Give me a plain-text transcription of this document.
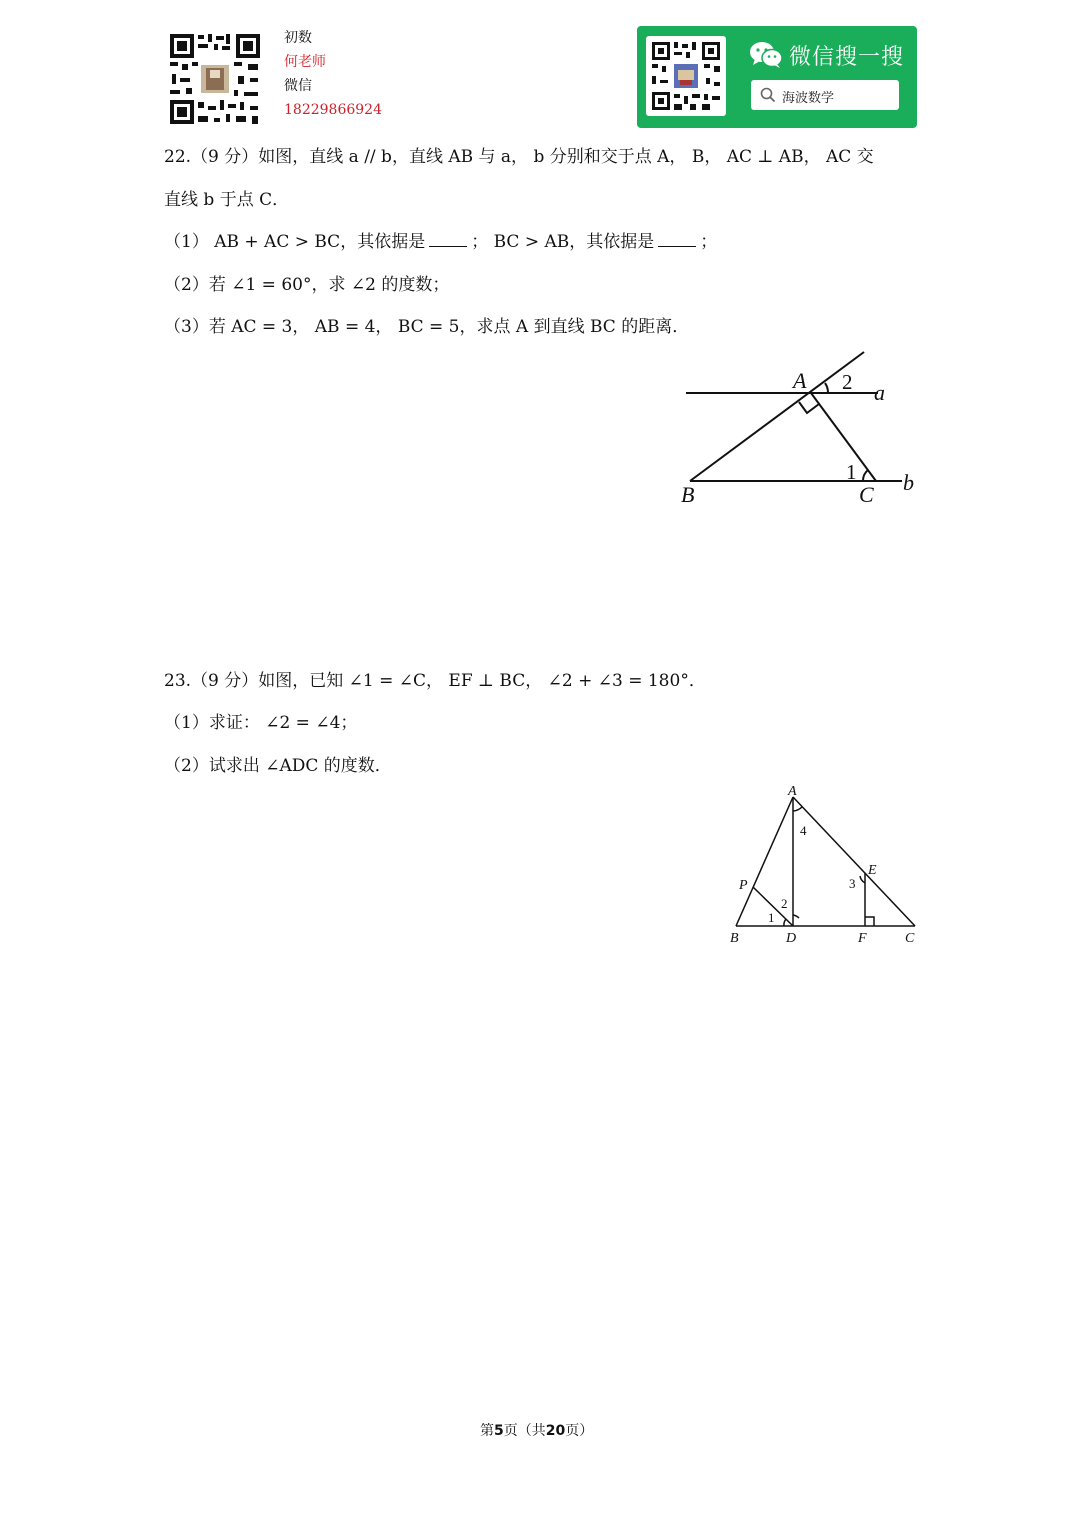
初数
何老师
微信
18229866924
微信搜一搜
海波数学
22.（9 分）如图，直线 a // b，直线 AB 与 a， b 分别和交于点 A， B， AC ⊥ AB， AC 交
直线 b 于点 C．
（1） AB + AC > BC，其依据是	； BC > AB，其依据是	；
（2）若 ∠1 = 60°，求 ∠2 的度数；
（3）若 AC = 3， AB = 4， BC = 5，求点 A 到直线 BC 的距离．
A
B	C
a
b
2
1
23.（9 分）如图，已知 ∠1 = ∠C， EF ⊥ BC， ∠2 + ∠3 = 180°．
（1）求证： ∠2 = ∠4；
（2）试求出 ∠ADC 的度数．
A
B	C
D
E
F
P
1
2
3
4
第5页（共20页）
